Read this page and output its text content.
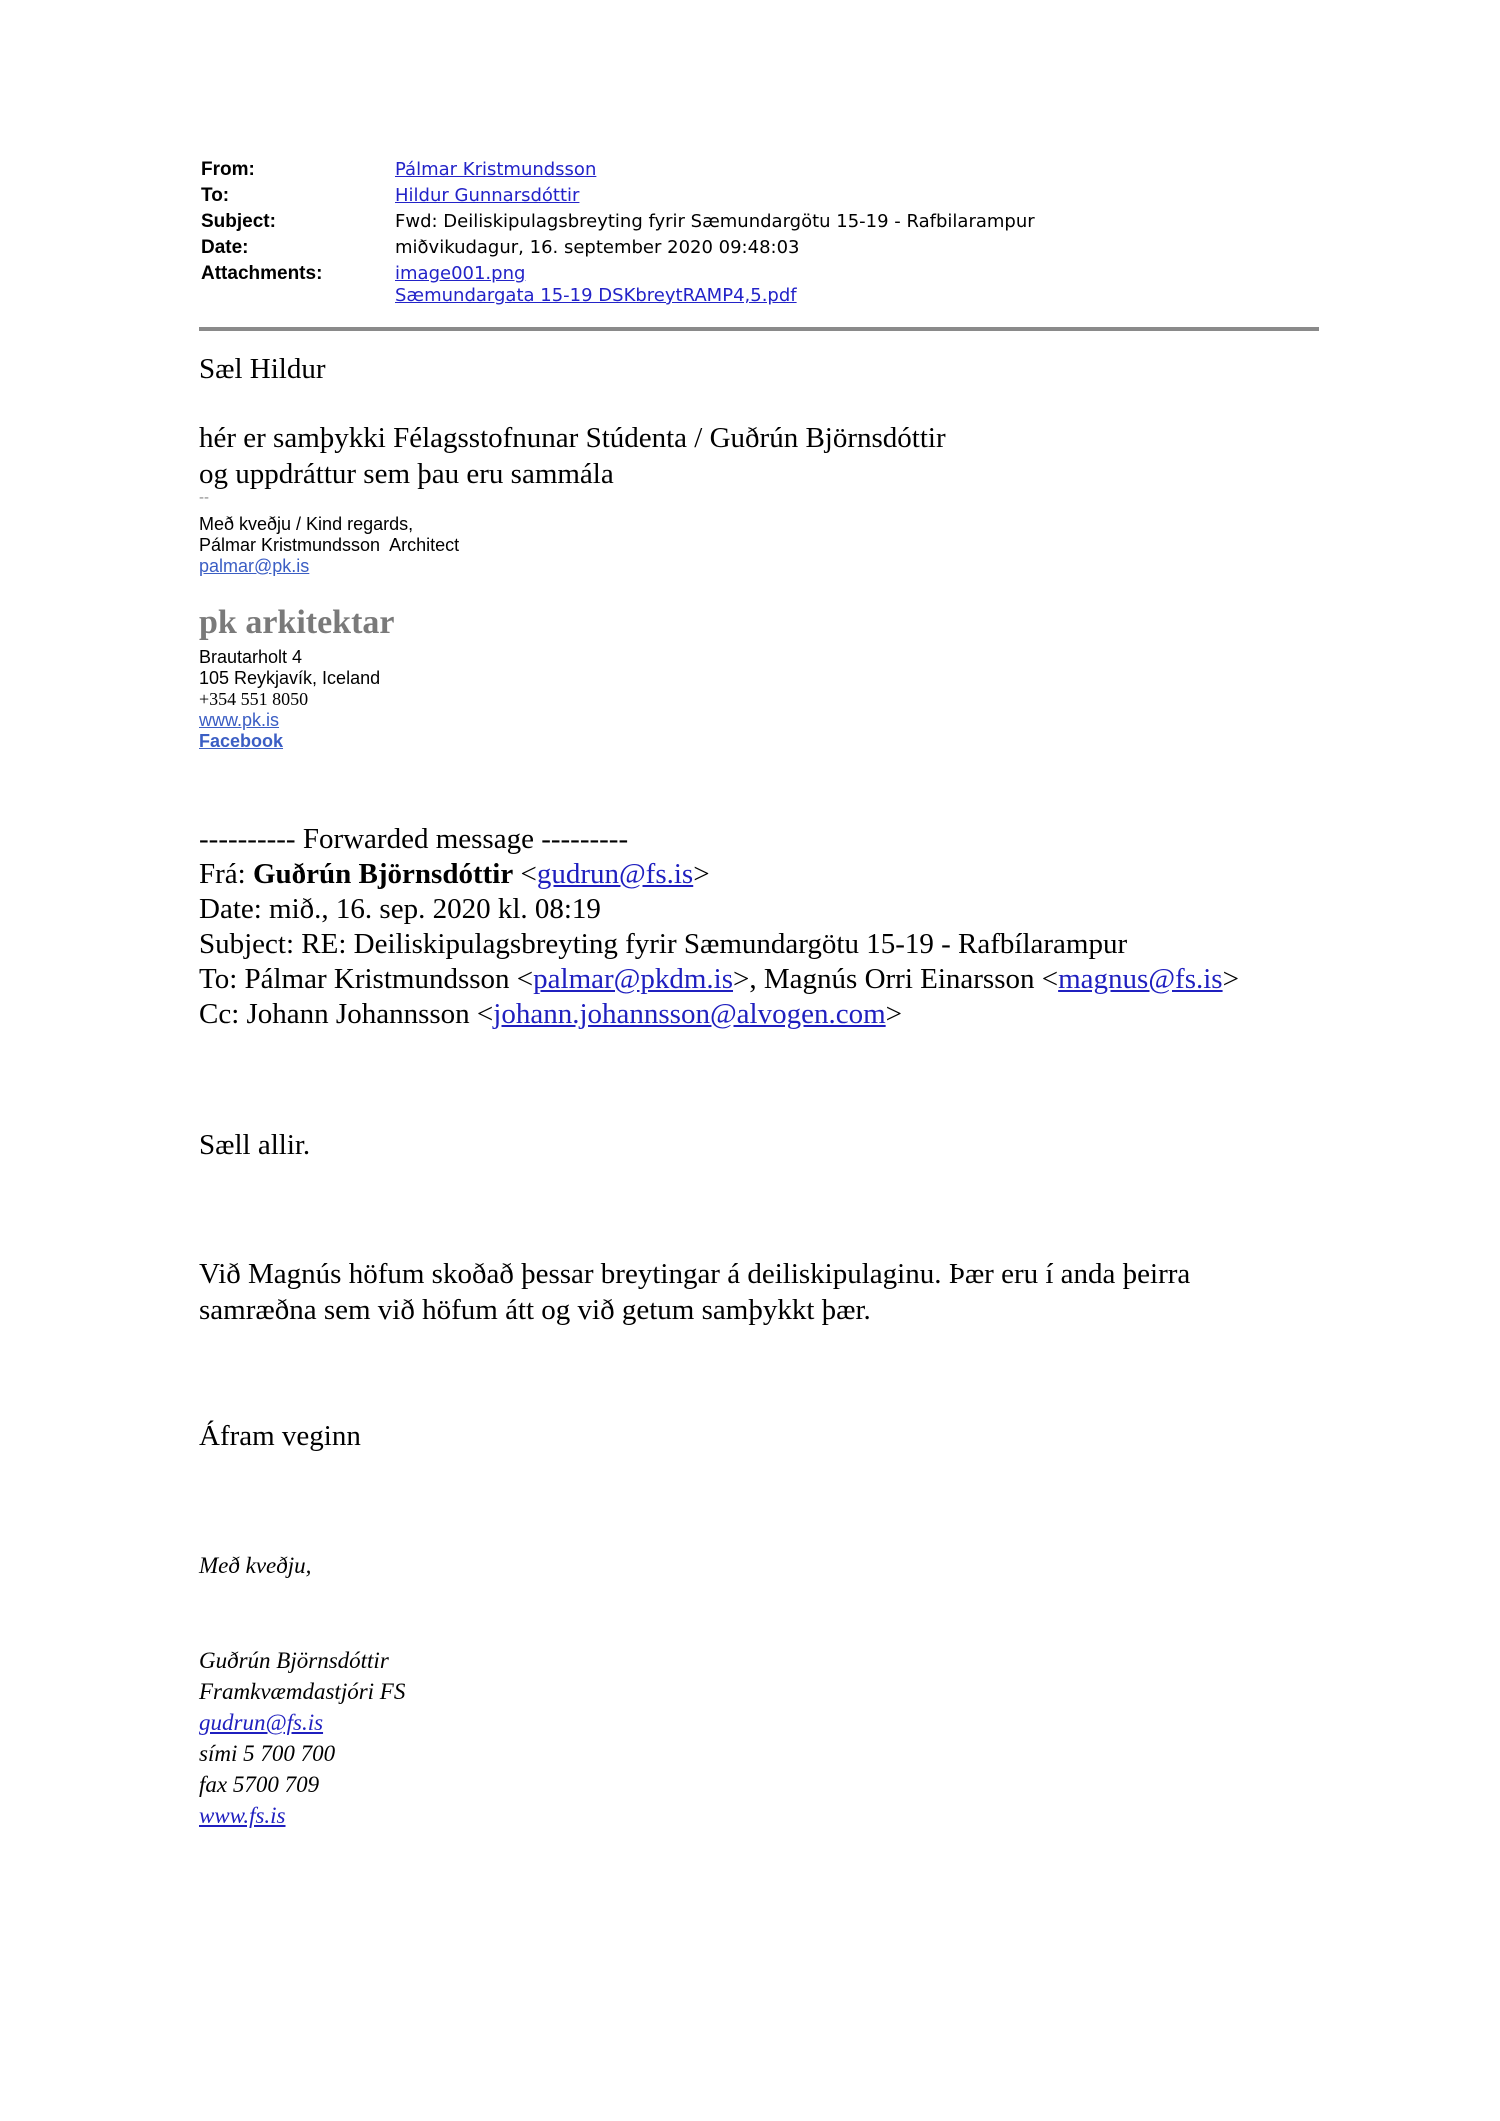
From:	Pálmar Kristmundsson
To:	Hildur Gunnarsdóttir
Subject:	Fwd: Deiliskipulagsbreyting fyrir Sæmundargötu 15-19 - Rafbilarampur
Date:	miðvikudagur, 16. september 2020 09:48:03
Attachments:	image001.png
Sæmundargata 15-19 DSKbreytRAMP4,5.pdf
Sæl Hildur
hér er samþykki Félagsstofnunar Stúdenta / Guðrún Björnsdóttir
og uppdráttur sem þau eru sammála
--
Með kveðju / Kind regards,
Pálmar Kristmundsson  Architect
palmar@pk.is
pk arkitektar
Brautarholt 4
105 Reykjavík, Iceland
+354 551 8050
www.pk.is
Facebook
---------- Forwarded message ---------
Frá: Guðrún Björnsdóttir <gudrun@fs.is>
Date: mið., 16. sep. 2020 kl. 08:19
Subject: RE: Deiliskipulagsbreyting fyrir Sæmundargötu 15-19 - Rafbílarampur
To: Pálmar Kristmundsson <palmar@pkdm.is>, Magnús Orri Einarsson <magnus@fs.is>
Cc: Johann Johannsson <johann.johannsson@alvogen.com>
Sæll allir.
Við Magnús höfum skoðað þessar breytingar á deiliskipulaginu. Þær eru í anda þeirra
samræðna sem við höfum átt og við getum samþykkt þær.
Áfram veginn
Með kveðju,
Guðrún Björnsdóttir
Framkvæmdastjóri FS
gudrun@fs.is
sími 5 700 700
fax 5700 709
www.fs.is
